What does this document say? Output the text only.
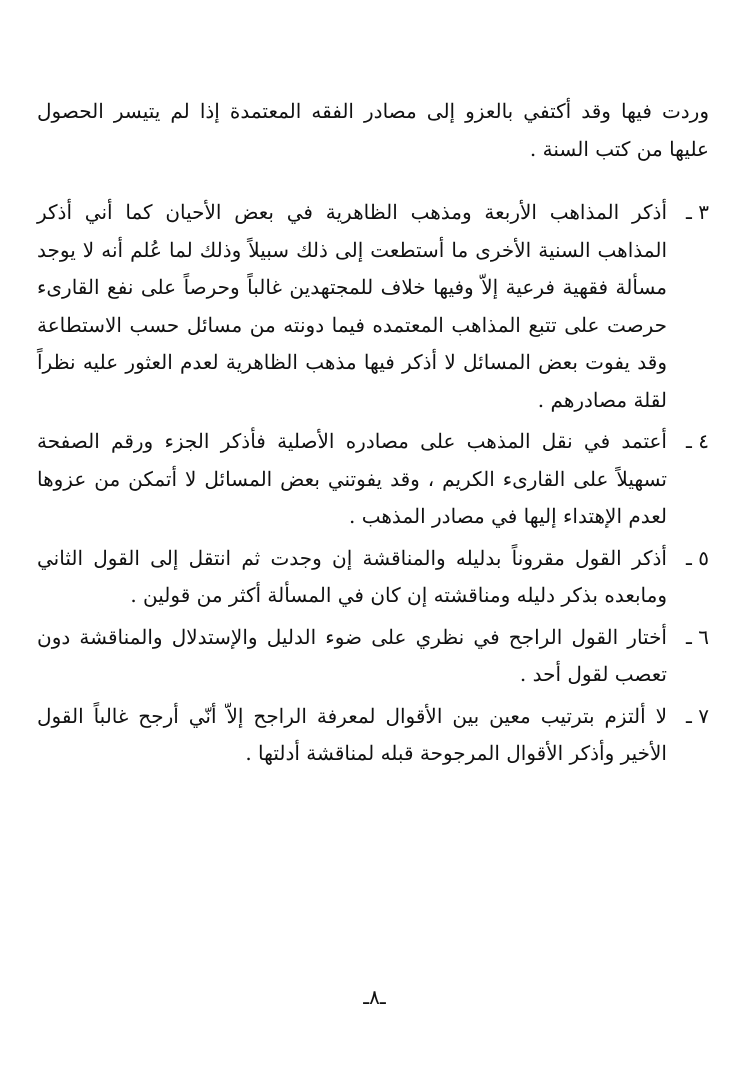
وردت فيها وقد أكتفي بالعزو إلى مصادر الفقه المعتمدة إذا لم يتيسر الحصول عليها من كتب السنة .

٣ ـ
أذكر المذاهب الأربعة ومذهب الظاهرية في بعض الأحيان كما أني أذكر المذاهب السنية الأخرى ما أستطعت إلى ذلك سبيلاً وذلك لما عُلم أنه لا يوجد مسألة فقهية فرعية إلاّ وفيها خلاف للمجتهدين غالباً وحرصاً على نفع القارىء حرصت على تتبع المذاهب المعتمده فيما دونته من مسائل حسب الاستطاعة وقد يفوت بعض المسائل لا أذكر فيها مذهب الظاهرية لعدم العثور عليه نظراً لقلة مصادرهم .
٤ ـ
أعتمد في نقل المذهب على مصادره الأصلية فأذكر الجزء ورقم الصفحة تسهيلاً على القارىء الكريم ، وقد يفوتني بعض المسائل لا أتمكن من عزوها لعدم الإهتداء إليها في مصادر المذهب .
٥ ـ
أذكر القول مقروناً بدليله والمناقشة إن وجدت ثم انتقل إلى القول الثاني ومابعده بذكر دليله ومناقشته إن كان في المسألة أكثر من قولين .
٦ ـ
أختار القول الراجح في نظري على ضوء الدليل والإستدلال والمناقشة دون تعصب لقول أحد .
٧ ـ
لا ألتزم بترتيب معين بين الأقوال لمعرفة الراجح إلاّ أنّي أرجح غالباً القول الأخير وأذكر الأقوال المرجوحة قبله لمناقشة أدلتها .
ـ٨ـ
